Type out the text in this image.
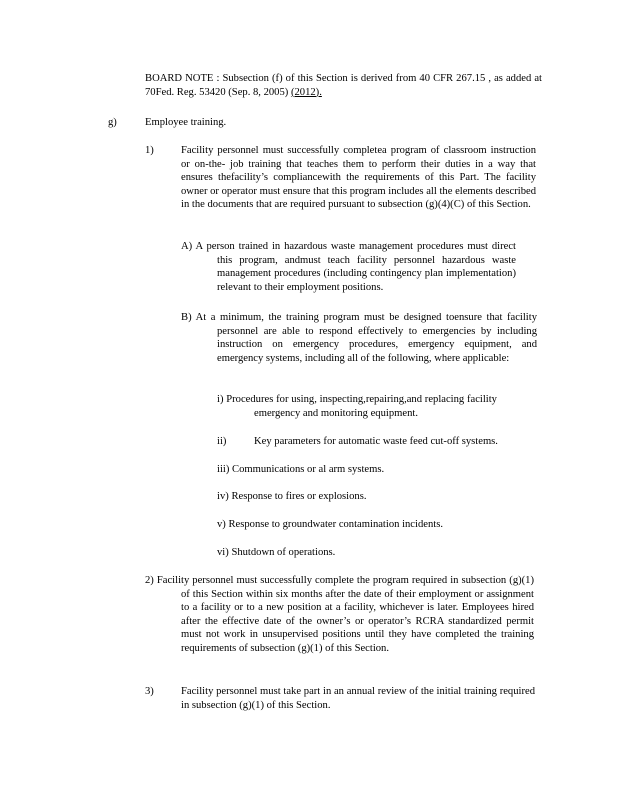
BOARD NOTE : Subsection (f) of this Section is derived from 40 CFR 267.15 , as added at 70Fed. Reg. 53420 (Sep. 8, 2005) (2012).
g)	Employee training.
1)	Facility personnel must successfully completea program of classroom instruction or on-the- job training that teaches them to perform their duties in a way that ensures thefacility’s compliancewith the requirements of this Part. The facility owner or operator must ensure that this program includes all the elements described in the documents that are required pursuant to subsection (g)(4)(C) of this Section.
A) A person trained in hazardous waste management procedures must direct this program, andmust teach facility personnel hazardous waste management procedures (including contingency plan implementation) relevant to their employment positions.
B) At a minimum, the training program must be designed toensure that facility personnel are able to respond effectively to emergencies by including instruction on emergency procedures, emergency equipment, and emergency systems, including all of the following, where applicable:
i) Procedures for using, inspecting,repairing,and replacing facility emergency and monitoring equipment.
ii)	Key parameters for automatic waste feed cut-off systems.
iii) Communications or al arm systems.
iv) Response to fires or explosions.
v) Response to groundwater contamination incidents.
vi) Shutdown of operations.
2) Facility personnel must successfully complete the program required in subsection (g)(1) of this Section within six months after the date of their employment or assignment to a facility or to a new position at a facility, whichever is later. Employees hired after the effective date of the owner’s or operator’s RCRA standardized permit must not work in unsupervised positions until they have completed the training requirements of subsection (g)(1) of this Section.
3)	Facility personnel must take part in an annual review of the initial training required in subsection (g)(1) of this Section.
